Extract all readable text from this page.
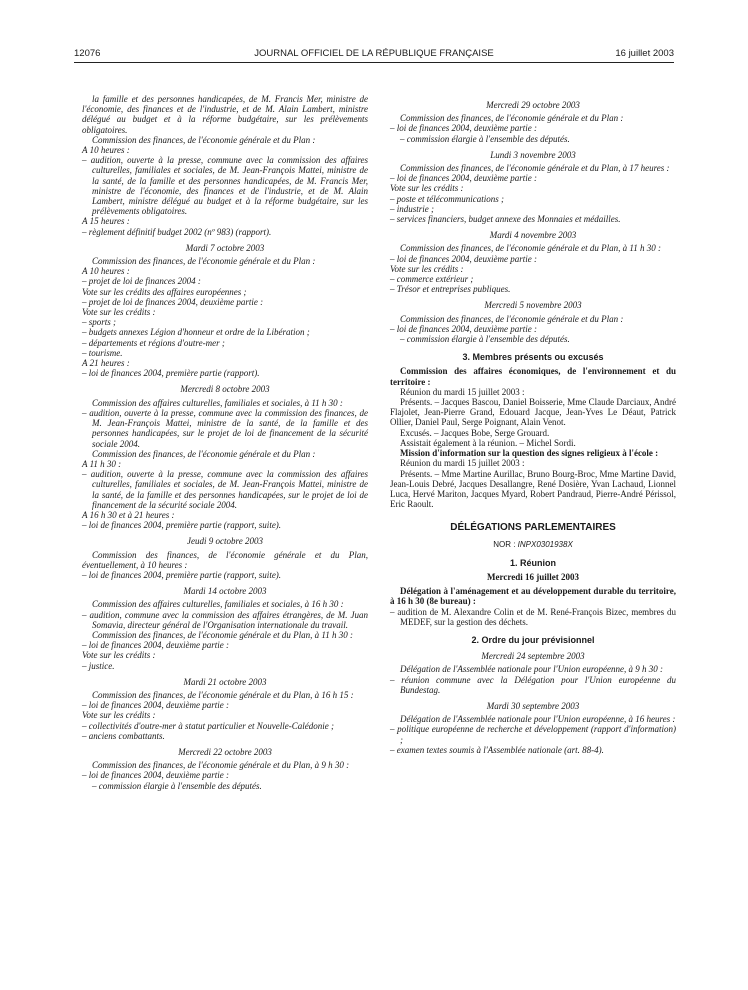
12076	JOURNAL OFFICIEL DE LA RÉPUBLIQUE FRANÇAISE	16 juillet 2003

la famille et des personnes handicapées, de M. Francis Mer, ministre de l'économie, des finances et de l'industrie, et de M. Alain Lambert, ministre délégué au budget et à la réforme budgétaire, sur les prélèvements obligatoires.

Commission des finances, de l'économie générale et du Plan :

A 10 heures :

– audition, ouverte à la presse, commune avec la commission des affaires culturelles, familiales et sociales, de M. Jean-François Mattei, ministre de la santé, de la famille et des personnes handicapées, de M. Francis Mer, ministre de l'économie, des finances et de l'industrie, et de M. Alain Lambert, ministre délégué au budget et à la réforme budgétaire, sur les prélèvements obligatoires.

A 15 heures :

– règlement définitif budget 2002 (nº 983) (rapport).

Mardi 7 octobre 2003

Commission des finances, de l'économie générale et du Plan :

A 10 heures :

– projet de loi de finances 2004 :

Vote sur les crédits des affaires européennes ;

– projet de loi de finances 2004, deuxième partie :

Vote sur les crédits :

– sports ;

– budgets annexes Légion d'honneur et ordre de la Libération ;

– départements et régions d'outre-mer ;

– tourisme.

A 21 heures :

– loi de finances 2004, première partie (rapport).

Mercredi 8 octobre 2003

Commission des affaires culturelles, familiales et sociales, à 11 h 30 :

– audition, ouverte à la presse, commune avec la commission des finances, de M. Jean-François Mattei, ministre de la santé, de la famille et des personnes handicapées, sur le projet de loi de financement de la sécurité sociale 2004.

Commission des finances, de l'économie générale et du Plan :

A 11 h 30 :

– audition, ouverte à la presse, commune avec la commission des affaires culturelles, familiales et sociales, de M. Jean-François Mattei, ministre de la santé, de la famille et des personnes handicapées, sur le projet de loi de financement de la sécurité sociale 2004.

A 16 h 30 et à 21 heures :

– loi de finances 2004, première partie (rapport, suite).

Jeudi 9 octobre 2003

Commission des finances, de l'économie générale et du Plan, éventuellement, à 10 heures :

– loi de finances 2004, première partie (rapport, suite).

Mardi 14 octobre 2003

Commission des affaires culturelles, familiales et sociales, à 16 h 30 :

– audition, commune avec la commission des affaires étrangères, de M. Juan Somavia, directeur général de l'Organisation internationale du travail.

Commission des finances, de l'économie générale et du Plan, à 11 h 30 :

– loi de finances 2004, deuxième partie :

Vote sur les crédits :

– justice.

Mardi 21 octobre 2003

Commission des finances, de l'économie générale et du Plan, à 16 h 15 :

– loi de finances 2004, deuxième partie :

Vote sur les crédits :

– collectivités d'outre-mer à statut particulier et Nouvelle-Calédonie ;

– anciens combattants.

Mercredi 22 octobre 2003

Commission des finances, de l'économie générale et du Plan, à 9 h 30 :

– loi de finances 2004, deuxième partie :

– commission élargie à l'ensemble des députés.

Mercredi 29 octobre 2003

Commission des finances, de l'économie générale et du Plan :

– loi de finances 2004, deuxième partie :

– commission élargie à l'ensemble des députés.

Lundi 3 novembre 2003

Commission des finances, de l'économie générale et du Plan, à 17 heures :

– loi de finances 2004, deuxième partie :

Vote sur les crédits :

– poste et télécommunications ;

– industrie ;

– services financiers, budget annexe des Monnaies et médailles.

Mardi 4 novembre 2003

Commission des finances, de l'économie générale et du Plan, à 11 h 30 :

– loi de finances 2004, deuxième partie :

Vote sur les crédits :

– commerce extérieur ;

– Trésor et entreprises publiques.

Mercredi 5 novembre 2003

Commission des finances, de l'économie générale et du Plan :

– loi de finances 2004, deuxième partie :

– commission élargie à l'ensemble des députés.

3. Membres présents ou excusés

Commission des affaires économiques, de l'environnement et du territoire :

Réunion du mardi 15 juillet 2003 :

Présents. – Jacques Bascou, Daniel Boisserie, Mme Claude Darciaux, André Flajolet, Jean-Pierre Grand, Edouard Jacque, Jean-Yves Le Déaut, Patrick Ollier, Daniel Paul, Serge Poignant, Alain Venot.

Excusés. – Jacques Bobe, Serge Grouard.

Assistait également à la réunion. – Michel Sordi.

Mission d'information sur la question des signes religieux à l'école :

Réunion du mardi 15 juillet 2003 :

Présents. – Mme Martine Aurillac, Bruno Bourg-Broc, Mme Martine David, Jean-Louis Debré, Jacques Desallangre, René Dosière, Yvan Lachaud, Lionnel Luca, Hervé Mariton, Jacques Myard, Robert Pandraud, Pierre-André Périssol, Eric Raoult.

DÉLÉGATIONS PARLEMENTAIRES

NOR : INPX0301938X

1. Réunion

Mercredi 16 juillet 2003

Délégation à l'aménagement et au développement durable du territoire, à 16 h 30 (8e bureau) :

– audition de M. Alexandre Colin et de M. René-François Bizec, membres du MEDEF, sur la gestion des déchets.

2. Ordre du jour prévisionnel

Mercredi 24 septembre 2003

Délégation de l'Assemblée nationale pour l'Union européenne, à 9 h 30 :

– réunion commune avec la Délégation pour l'Union européenne du Bundestag.

Mardi 30 septembre 2003

Délégation de l'Assemblée nationale pour l'Union européenne, à 16 heures :

– politique européenne de recherche et développement (rapport d'information) ;

– examen textes soumis à l'Assemblée nationale (art. 88-4).
